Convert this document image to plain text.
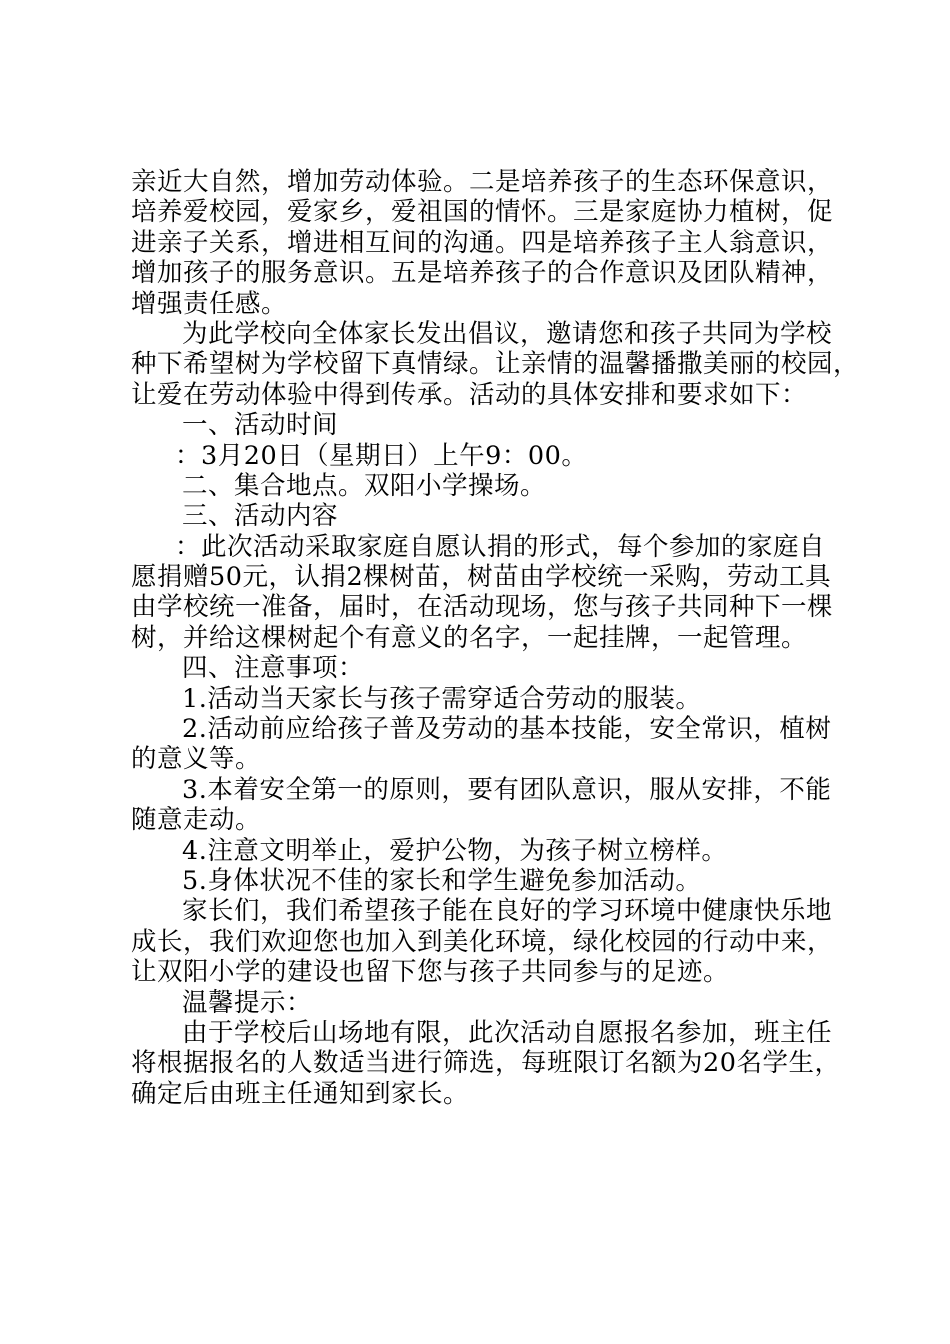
亲近大自然，增加劳动体验。二是培养孩子的生态环保意识，
培养爱校园，爱家乡，爱祖国的情怀。三是家庭协力植树，促
进亲子关系，增进相互间的沟通。四是培养孩子主人翁意识，
增加孩子的服务意识。五是培养孩子的合作意识及团队精神，
增强责任感。
为此学校向全体家长发出倡议，邀请您和孩子共同为学校
种下希望树为学校留下真情绿。让亲情的温馨播撒美丽的校园，
让爱在劳动体验中得到传承。活动的具体安排和要求如下：
一、活动时间
：3月20日（星期日）上午9：00。
二、集合地点。双阳小学操场。
三、活动内容
：此次活动采取家庭自愿认捐的形式，每个参加的家庭自
愿捐赠50元，认捐2棵树苗，树苗由学校统一采购，劳动工具
由学校统一准备，届时，在活动现场，您与孩子共同种下一棵
树，并给这棵树起个有意义的名字，一起挂牌，一起管理。
四、注意事项：
1.活动当天家长与孩子需穿适合劳动的服装。
2.活动前应给孩子普及劳动的基本技能，安全常识，植树
的意义等。
3.本着安全第一的原则，要有团队意识，服从安排，不能
随意走动。
4.注意文明举止，爱护公物，为孩子树立榜样。
5.身体状况不佳的家长和学生避免参加活动。
家长们，我们希望孩子能在良好的学习环境中健康快乐地
成长，我们欢迎您也加入到美化环境，绿化校园的行动中来，
让双阳小学的建设也留下您与孩子共同参与的足迹。
温馨提示：
由于学校后山场地有限，此次活动自愿报名参加，班主任
将根据报名的人数适当进行筛选，每班限订名额为20名学生，
确定后由班主任通知到家长。
